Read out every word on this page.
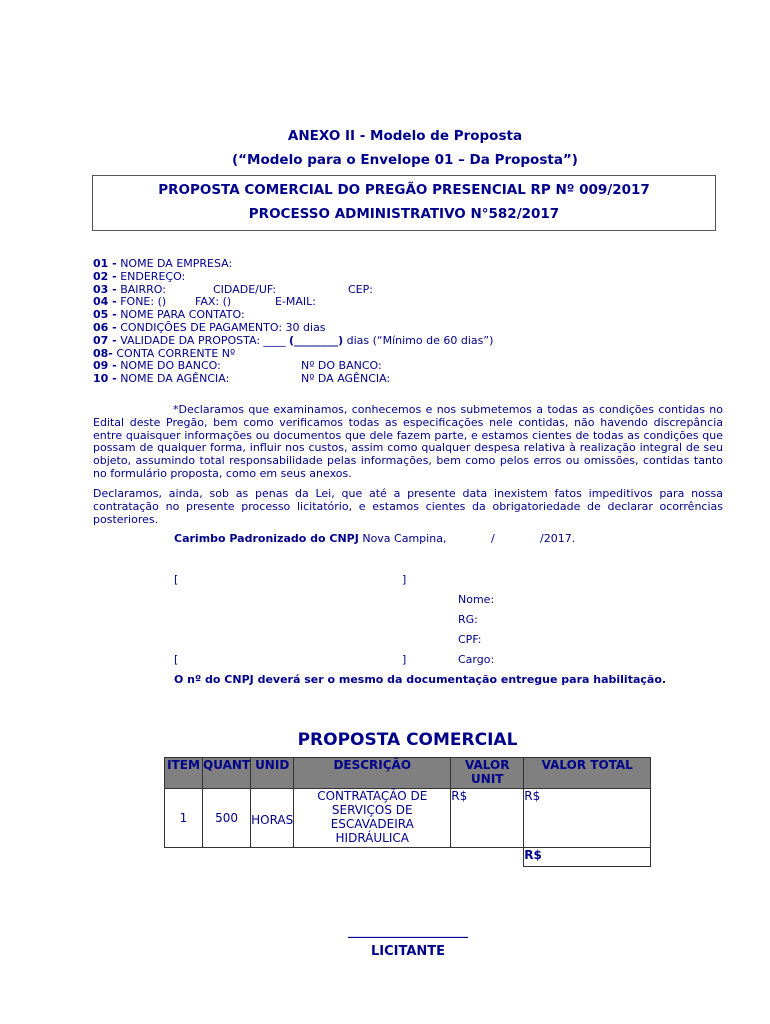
ANEXO II - Modelo de Proposta
(“Modelo para o Envelope 01 – Da Proposta”)
PROPOSTA COMERCIAL DO PREGÃO PRESENCIAL RP Nº 009/2017
PROCESSO ADMINISTRATIVO N°582/2017
01 - NOME DA EMPRESA:
02 - ENDEREÇO:
03 - BAIRRO:	CIDADE/UF:	CEP:
04 - FONE: ()	FAX: ()	E-MAIL:
05 - NOME PARA CONTATO:
06 - CONDIÇÕES DE PAGAMENTO: 30 dias
07 - VALIDADE DA PROPOSTA: ____ (________) dias (“Mínimo de 60 dias”)
08- CONTA CORRENTE Nº
09 - NOME DO BANCO:	Nº DO BANCO:
10 - NOME DA AGÊNCIA:	Nº DA AGÊNCIA:
*Declaramos que examinamos, conhecemos e nos submetemos a todas as condições contidas no Edital deste Pregão, bem como verificamos todas as especificações nele contidas, não havendo discrepância entre quaisquer informações ou documentos que dele fazem parte, e estamos cientes de todas as condições que possam de qualquer forma, influir nos custos, assim como qualquer despesa relativa à realização integral de seu objeto, assumindo total responsabilidade pelas informações, bem como pelos erros ou omissões, contidas tanto no formulário proposta, como em seus anexos.
Declaramos, ainda, sob as penas da Lei, que até a presente data inexistem fatos impeditivos para nossa contratação no presente processo licitatório, e estamos cientes da obrigatoriedade de declarar ocorrências posteriores.
Carimbo Padronizado do CNPJ Nova Campina,	/	/2017.
[	]
Nome:
RG:
CPF:
[	]	Cargo:
O nº do CNPJ deverá ser o mesmo da documentação entregue para habilitação.
PROPOSTA COMERCIAL
ITEM	QUANT	UNID	DESCRIÇÃO	VALOR UNIT	VALOR TOTAL
1	500	HORAS	CONTRATAÇÃO DE SERVIÇOS DE ESCAVADEIRA HIDRÁULICA	R$	R$
					R$
____________________
LICITANTE
